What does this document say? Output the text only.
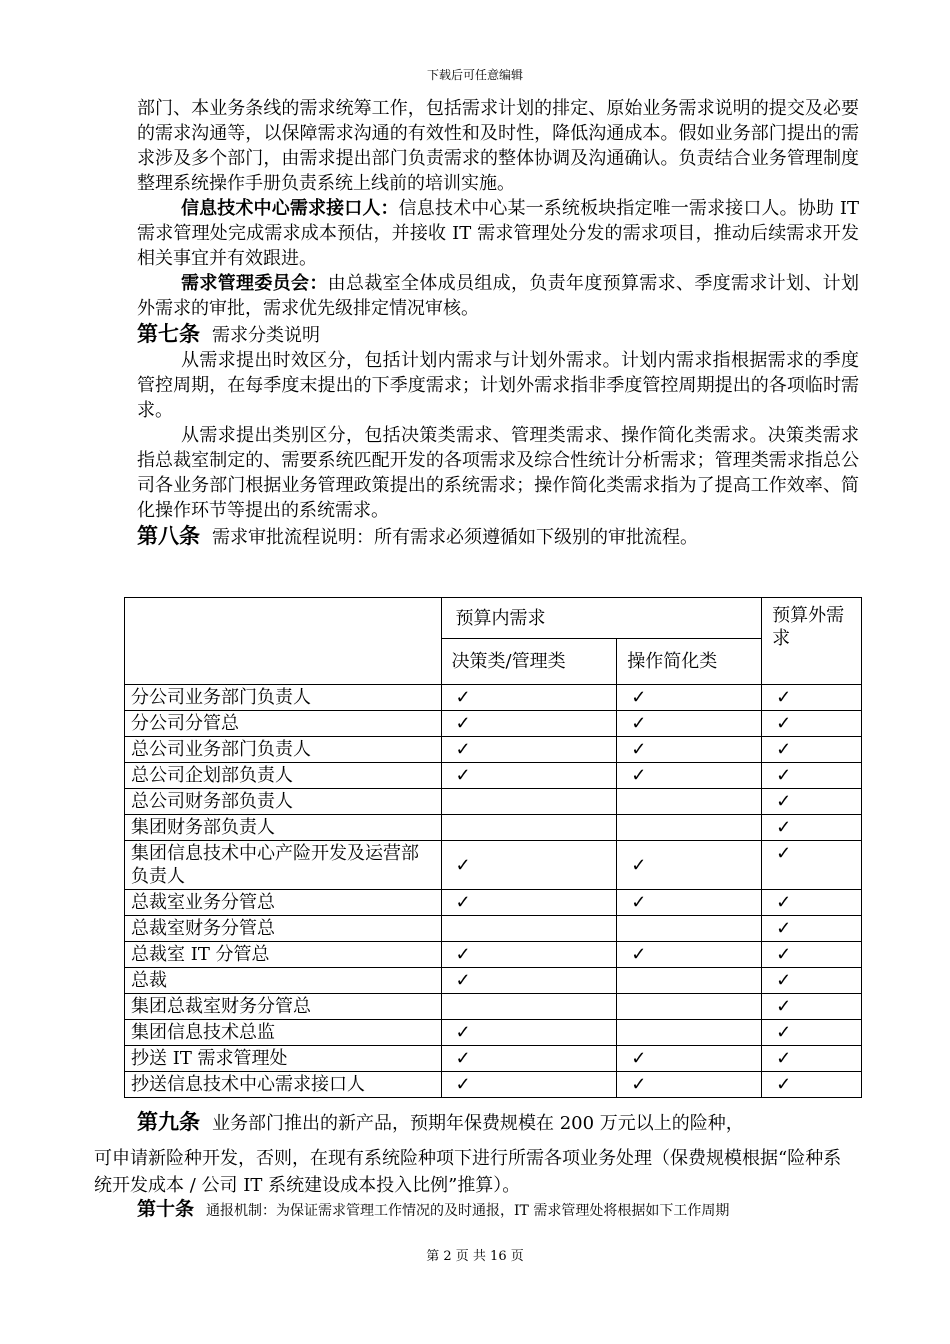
下载后可任意编辑

部门、本业务条线的需求统筹工作，包括需求计划的排定、原始业务需求说明的提交及必要的需求沟通等，以保障需求沟通的有效性和及时性，降低沟通成本。假如业务部门提出的需求涉及多个部门，由需求提出部门负责需求的整体协调及沟通确认。负责结合业务管理制度整理系统操作手册负责系统上线前的培训实施。

信息技术中心需求接口人：信息技术中心某一系统板块指定唯一需求接口人。协助 IT 需求管理处完成需求成本预估，并接收 IT 需求管理处分发的需求项目，推动后续需求开发相关事宜并有效跟进。

需求管理委员会：由总裁室全体成员组成，负责年度预算需求、季度需求计划、计划外需求的审批，需求优先级排定情况审核。

第七条 需求分类说明

从需求提出时效区分，包括计划内需求与计划外需求。计划内需求指根据需求的季度管控周期，在每季度末提出的下季度需求；计划外需求指非季度管控周期提出的各项临时需求。

从需求提出类别区分，包括决策类需求、管理类需求、操作简化类需求。决策类需求指总裁室制定的、需要系统匹配开发的各项需求及综合性统计分析需求；管理类需求指总公司各业务部门根据业务管理政策提出的系统需求；操作简化类需求指为了提高工作效率、简化操作环节等提出的系统需求。

第八条 需求审批流程说明：所有需求必须遵循如下级别的审批流程。

	预算内需求		预算外需求
	决策类/管理类	操作简化类	
分公司业务部门负责人	✓	✓	✓
分公司分管总	✓	✓	✓
总公司业务部门负责人	✓	✓	✓
总公司企划部负责人	✓	✓	✓
总公司财务部负责人			✓
集团财务部负责人			✓
集团信息技术中心产险开发及运营部负责人	✓	✓	✓
总裁室业务分管总	✓	✓	✓
总裁室财务分管总			✓
总裁室 IT 分管总	✓	✓	✓
总裁	✓		✓
集团总裁室财务分管总			✓
集团信息技术总监	✓		✓
抄送 IT 需求管理处	✓	✓	✓
抄送信息技术中心需求接口人	✓	✓	✓

第九条 业务部门推出的新产品，预期年保费规模在 200 万元以上的险种，

可申请新险种开发，否则，在现有系统险种项下进行所需各项业务处理（保费规模根据“险种系统开发成本 / 公司 IT 系统建设成本投入比例”推算）。

第十条 通报机制：为保证需求管理工作情况的及时通报，IT 需求管理处将根据如下工作周期
第 2 页 共 16 页
